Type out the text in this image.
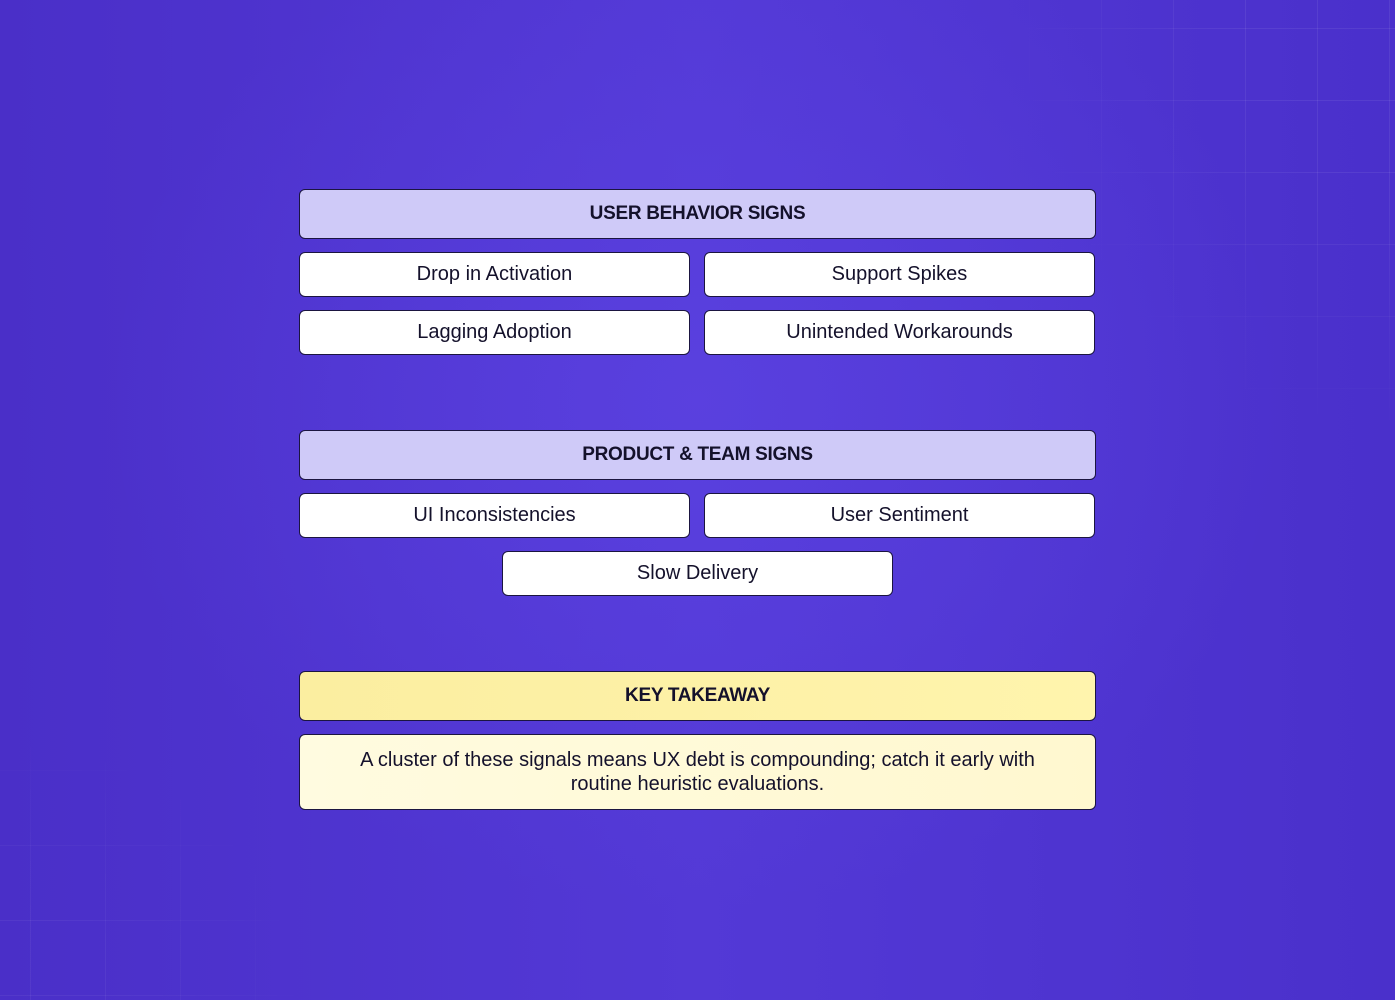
USER BEHAVIOR SIGNS
Drop in Activation	Support Spikes
Lagging Adoption	Unintended Workarounds
PRODUCT & TEAM SIGNS
UI Inconsistencies	User Sentiment
Slow Delivery
KEY TAKEAWAY
A cluster of these signals means UX debt is compounding; catch it early with routine heuristic evaluations.
